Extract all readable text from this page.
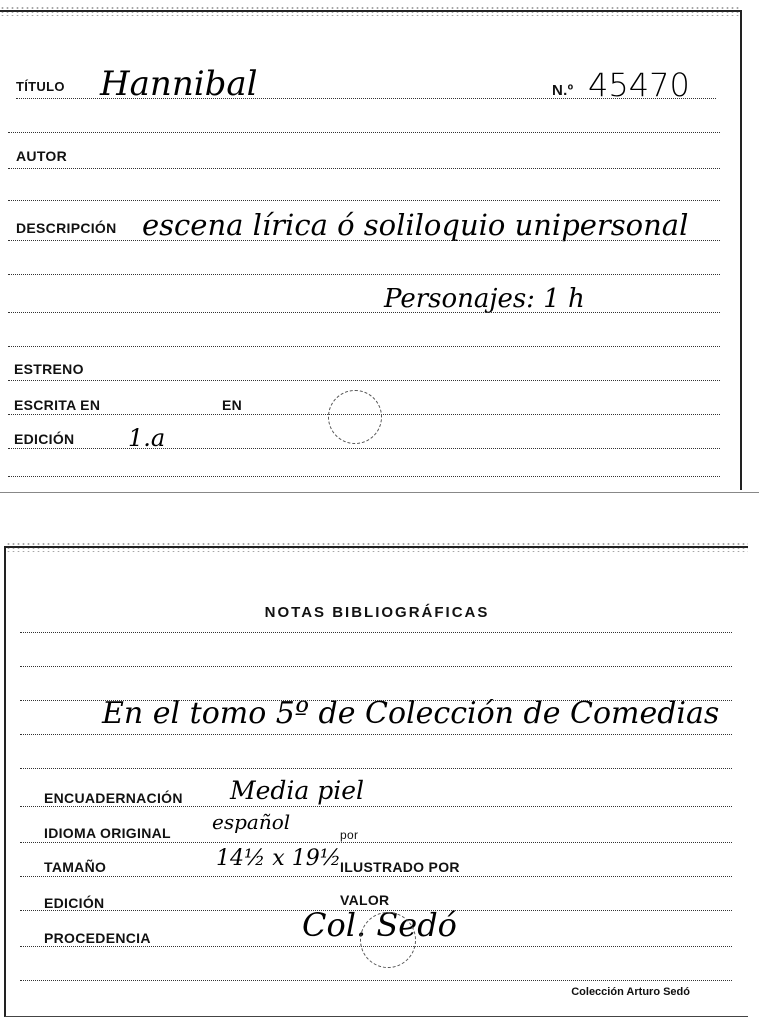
TÍTULO Hannibal	N.º 45470
AUTOR
DESCRIPCIÓN escena lírica ó soliloquio unipersonal
Personajes: 1 h
ESTRENO
ESCRITA EN	EN
EDICIÓN 1.a
NOTAS BIBLIOGRÁFICAS
En el tomo 5º de Colección de Comedias
ENCUADERNACIÓN Media piel
IDIOMA ORIGINAL español
por
TAMAÑO	14½ x 19½
ILUSTRADO POR
EDICIÓN	VALOR
PROCEDENCIA	Col. Sedó
Colección Arturo Sedó
